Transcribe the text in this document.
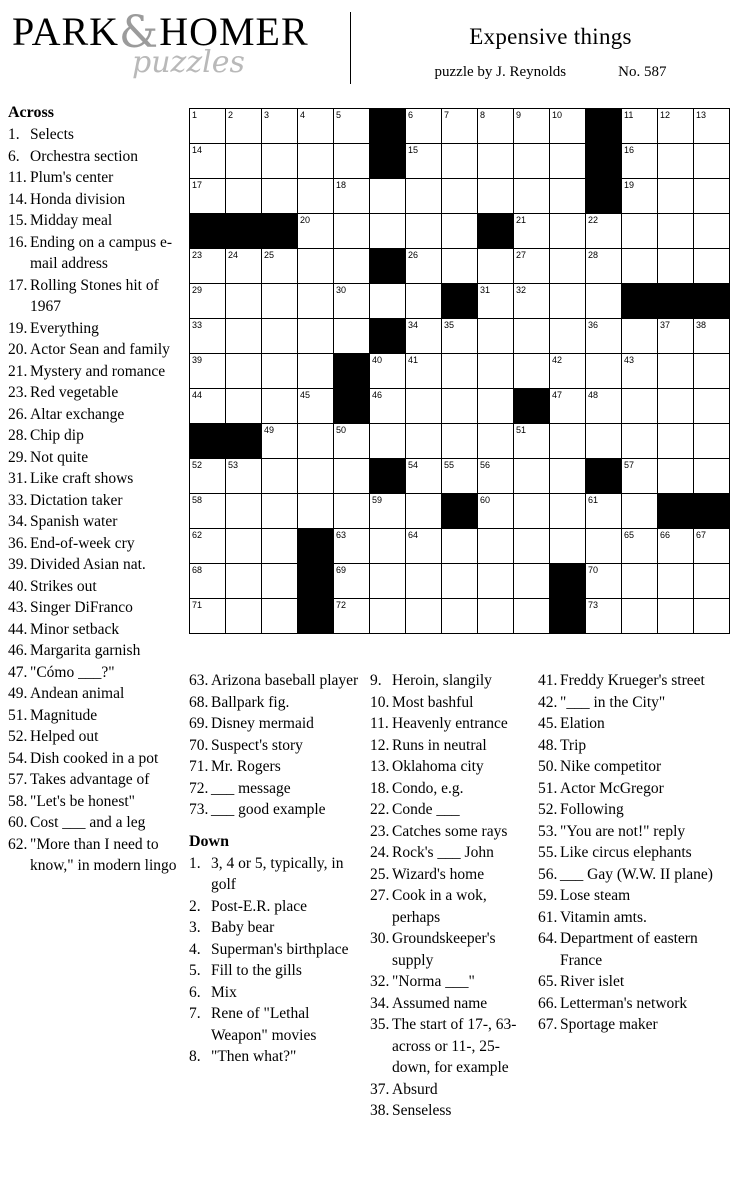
PARK&HOMER
puzzles
Expensive things
puzzle by J. Reynolds	No. 587
Across
1. Selects
6. Orchestra section
11. Plum's center
14. Honda division
15. Midday meal
16. Ending on a campus e-mail address
17. Rolling Stones hit of 1967
19. Everything
20. Actor Sean and family
21. Mystery and romance
23. Red vegetable
26. Altar exchange
28. Chip dip
29. Not quite
31. Like craft shows
33. Dictation taker
34. Spanish water
36. End-of-week cry
39. Divided Asian nat.
40. Strikes out
43. Singer DiFranco
44. Minor setback
46. Margarita garnish
47. "Cómo ___?"
49. Andean animal
51. Magnitude
52. Helped out
54. Dish cooked in a pot
57. Takes advantage of
58. "Let's be honest"
60. Cost ___ and a leg
62. "More than I need to know," in modern lingo
1	2	3	4	5		6	7	8	9	10		11	12	13

14						15						16		

17				18								19		

			20						21		22			

23	24	25				26			27		28			

29				30				31	32					

33						34	35				36		37	38

39					40	41				42		43		

44			45		46					47	48			

		49		50					51					

52	53					54	55	56				57		

58					59			60			61			

62				63		64						65	66	67

68				69							70			

71				72							73			

63. Arizona baseball player
68. Ballpark fig.
69. Disney mermaid
70. Suspect's story
71. Mr. Rogers
72. ___ message
73. ___ good example
Down
1. 3, 4 or 5, typically, in golf
2. Post-E.R. place
3. Baby bear
4. Superman's birthplace
5. Fill to the gills
6. Mix
7. Rene of "Lethal Weapon" movies
8. "Then what?"
9. Heroin, slangily
10. Most bashful
11. Heavenly entrance
12. Runs in neutral
13. Oklahoma city
18. Condo, e.g.
22. Conde ___
23. Catches some rays
24. Rock's ___ John
25. Wizard's home
27. Cook in a wok, perhaps
30. Groundskeeper's supply
32. "Norma ___"
34. Assumed name
35. The start of 17-, 63-across or 11-, 25-down, for example
37. Absurd
38. Senseless
41. Freddy Krueger's street
42. "___ in the City"
45. Elation
48. Trip
50. Nike competitor
51. Actor McGregor
52. Following
53. "You are not!" reply
55. Like circus elephants
56. ___ Gay (W.W. II plane)
59. Lose steam
61. Vitamin amts.
64. Department of eastern France
65. River islet
66. Letterman's network
67. Sportage maker
